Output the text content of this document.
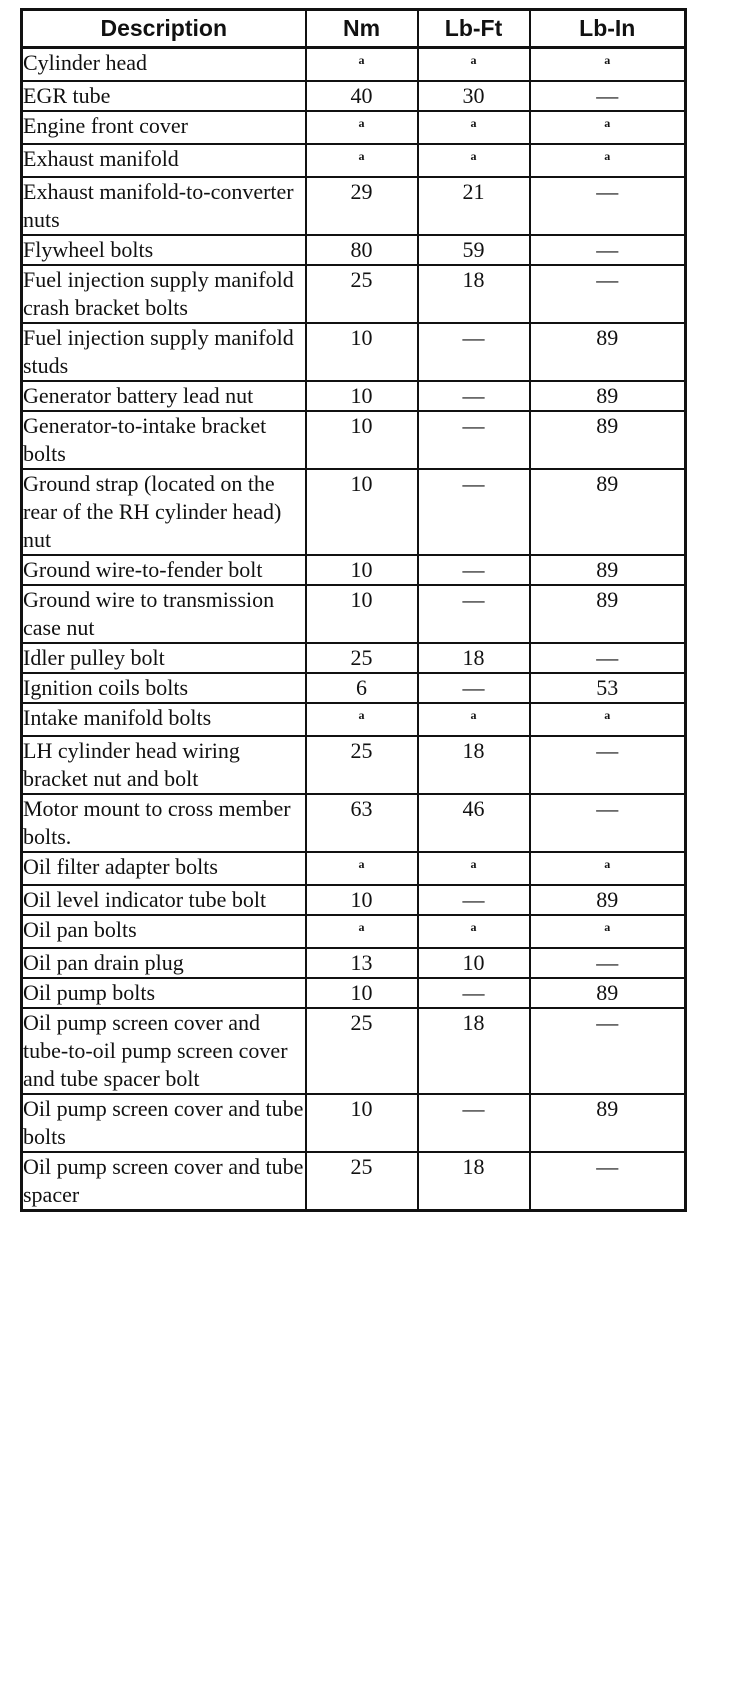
Description	Nm	Lb-Ft	Lb-In
Cylinder head	$^a$	$^a$	$^a$
EGR tube	40	30	—
Engine front cover	$^a$	$^a$	$^a$
Exhaust manifold	$^a$	$^a$	$^a$
Exhaust manifold-to-converter nuts	29	21	—
Flywheel bolts	80	59	—
Fuel injection supply manifold crash bracket bolts	25	18	—
Fuel injection supply manifold studs	10	—	89
Generator battery lead nut	10	—	89
Generator-to-intake bracket bolts	10	—	89
Ground strap (located on the rear of the RH cylinder head) nut	10	—	89
Ground wire-to-fender bolt	10	—	89
Ground wire to transmission case nut	10	—	89
Idler pulley bolt	25	18	—
Ignition coils bolts	6	—	53
Intake manifold bolts	$^a$	$^a$	$^a$
LH cylinder head wiring bracket nut and bolt	25	18	—
Motor mount to cross member bolts.	63	46	—
Oil filter adapter bolts	$^a$	$^a$	$^a$
Oil level indicator tube bolt	10	—	89
Oil pan bolts	$^a$	$^a$	$^a$
Oil pan drain plug	13	10	—
Oil pump bolts	10	—	89
Oil pump screen cover and tube-to-oil pump screen cover and tube spacer bolt	25	18	—
Oil pump screen cover and tube bolts	10	—	89
Oil pump screen cover and tube spacer	25	18	—
